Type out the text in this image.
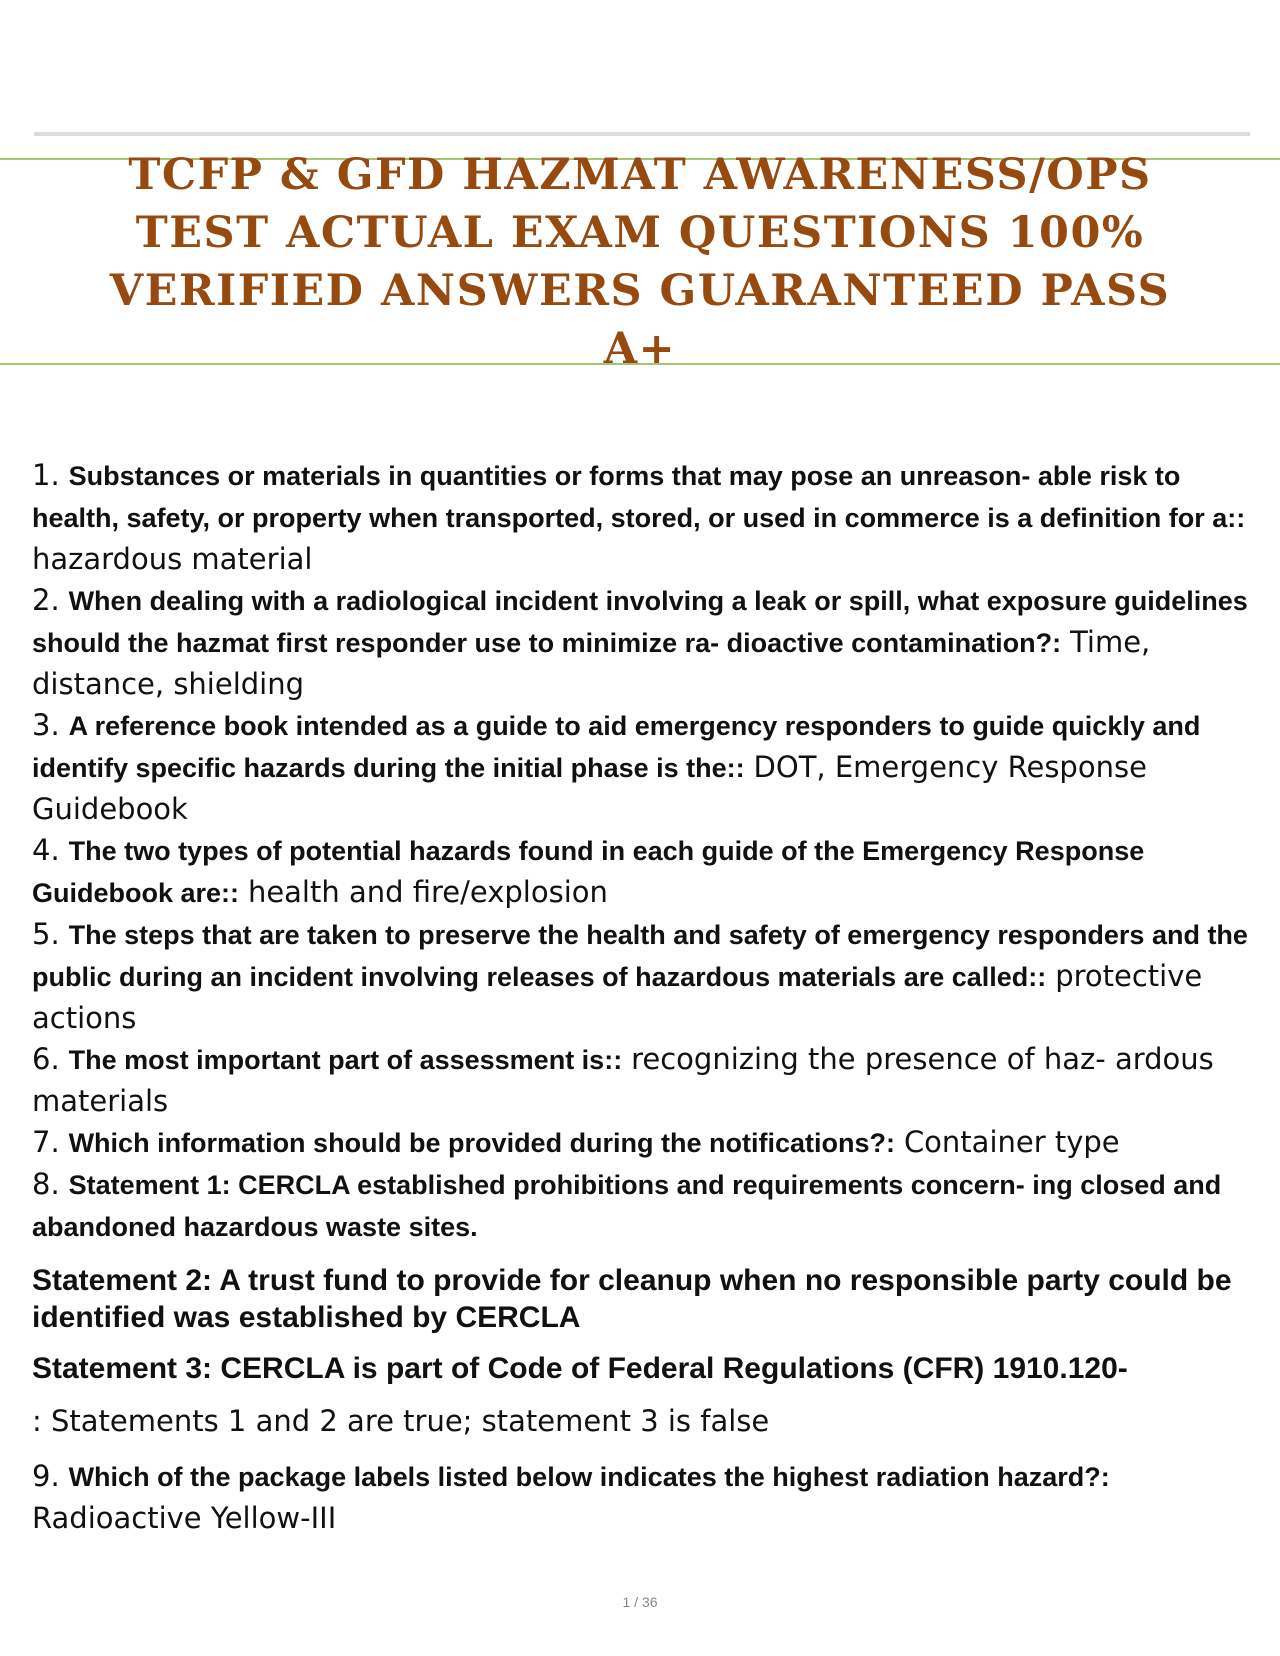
TCFP & GFD HAZMAT AWARENESS/OPS TEST ACTUAL EXAM QUESTIONS 100% VERIFIED ANSWERS GUARANTEED PASS A+

1. Substances or materials in quantities or forms that may pose an unreason- able risk to health, safety, or property when transported, stored, or used in commerce is a definition for a:: hazardous material

2. When dealing with a radiological incident involving a leak or spill, what exposure guidelines should the hazmat first responder use to minimize ra- dioactive contamination?: Time, distance, shielding

3. A reference book intended as a guide to aid emergency responders to guide quickly and identify specific hazards during the initial phase is the:: DOT, Emergency Response Guidebook

4. The two types of potential hazards found in each guide of the Emergency Response Guidebook are:: health and fire/explosion

5. The steps that are taken to preserve the health and safety of emergency responders and the public during an incident involving releases of hazardous materials are called:: protective actions

6. The most important part of assessment is:: recognizing the presence of haz- ardous materials

7. Which information should be provided during the notifications?: Container type

8. Statement 1: CERCLA established prohibitions and requirements concern- ing closed and abandoned hazardous waste sites.

Statement 2: A trust fund to provide for cleanup when no responsible party could be identified was established by CERCLA

Statement 3: CERCLA is part of Code of Federal Regulations (CFR) 1910.120-

: Statements 1 and 2 are true; statement 3 is false

9. Which of the package labels listed below indicates the highest radiation hazard?: Radioactive Yellow-III

1 / 36
